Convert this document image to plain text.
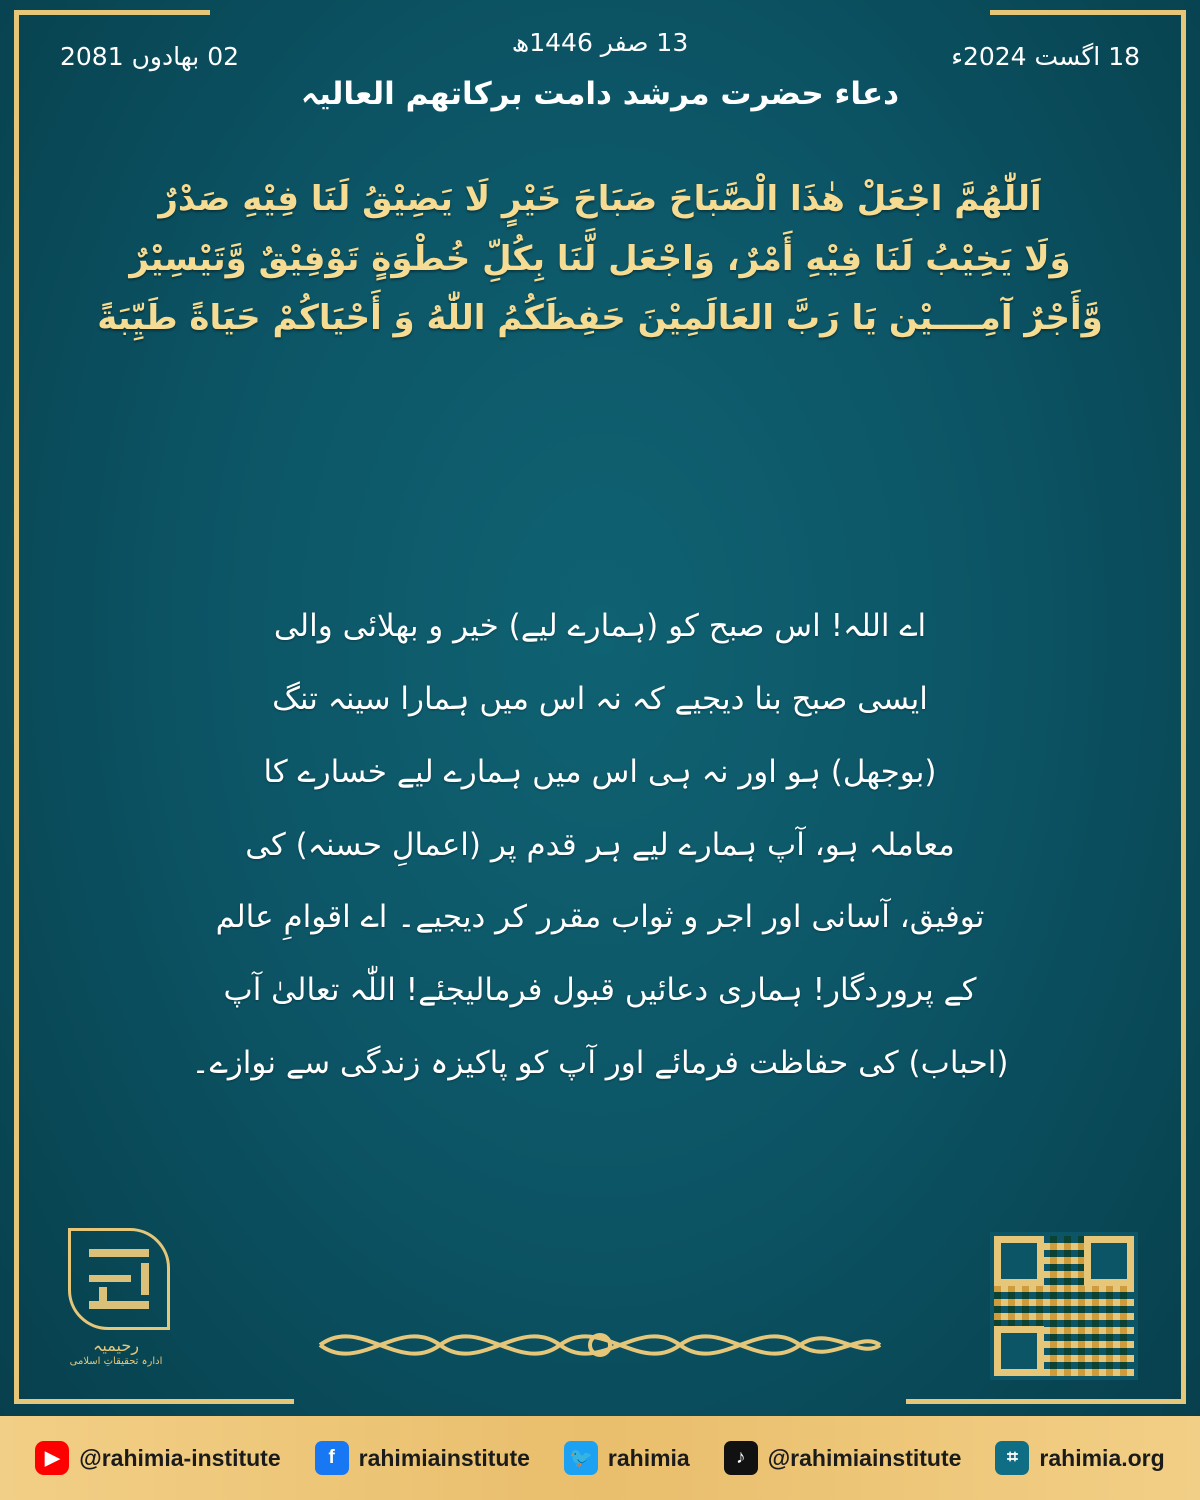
13 صفر 1446ھ	18 اگست 2024ء
02 بھادوں 2081
دعاء حضرت مرشد دامت بركاتهم العالیہ
اَللّٰهُمَّ اجْعَلْ هٰذَا الْصَّبَاحَ صَبَاحَ خَيْرٍ لَا يَضِيْقُ لَنَا فِيْهِ صَدْرٌ
وَلَا يَخِيْبُ لَنَا فِيْهِ أَمْرٌ، وَاجْعَل لَّنَا بِكُلِّ خُطْوَةٍ تَوْفِيْقٌ وَّتَيْسِيْرٌ
وَّأَجْرٌ آمِــــيْن يَا رَبَّ العَالَمِيْنَ حَفِظَكُمُ اللّٰهُ وَ أَحْيَاكُمْ حَيَاةً طَيِّبَةً
اے اللہ! اس صبح کو (ہمارے لیے) خیر و بھلائی والی
ایسی صبح بنا دیجیے کہ نہ اس میں ہمارا سینہ تنگ
(بوجھل) ہو اور نہ ہی اس میں ہمارے لیے خسارے کا
معاملہ ہو، آپ ہمارے لیے ہر قدم پر (اعمالِ حسنہ) کی
توفیق، آسانی اور اجر و ثواب مقرر کر دیجیے۔ اے اقوامِ عالم
کے پروردگار! ہماری دعائیں قبول فرمالیجئے! اللّٰہ تعالیٰ آپ
(احباب) کی حفاظت فرمائے اور آپ کو پاکیزہ زندگی سے نوازے۔
رحیمیہ
ادارہ تحقیقاتِ اسلامی
▶ @rahimia-institute	f	rahimiainstitute 🐦 rahimia	♪ @rahimiainstitute	⌗ rahimia.org
